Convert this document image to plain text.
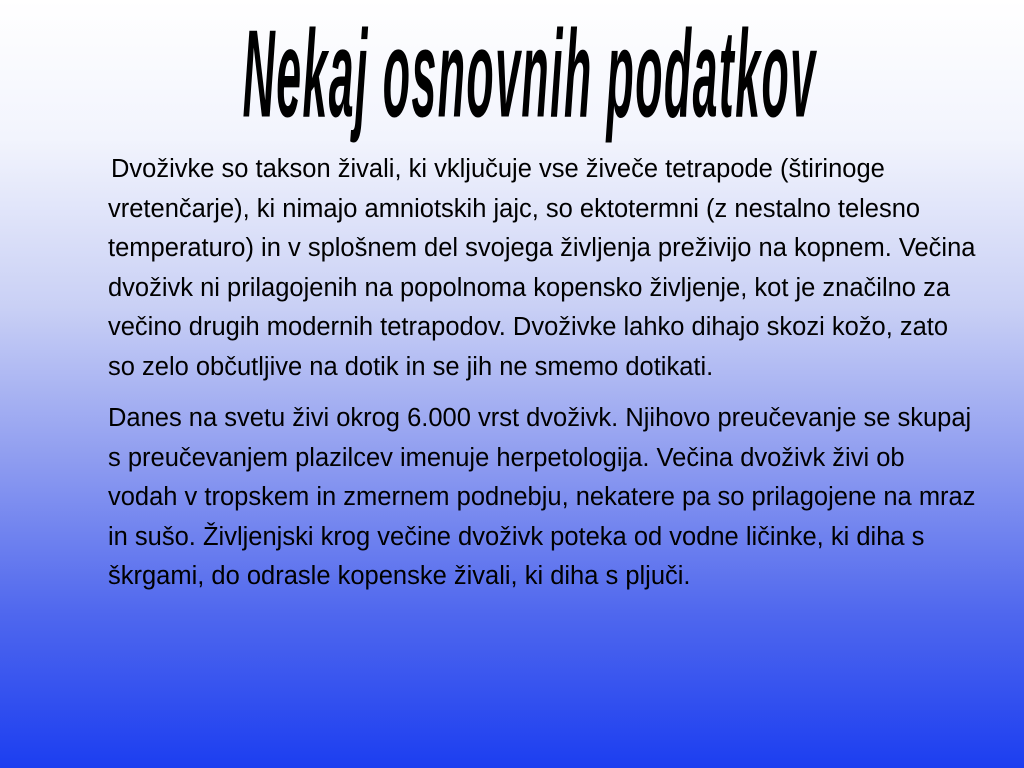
Nekaj osnovnih podatkov

Dvoživke so takson živali, ki vključuje vse živeče tetrapode (štirinoge vretenčarje), ki nimajo amniotskih jajc, so ektotermni (z nestalno telesno temperaturo) in v splošnem del svojega življenja preživijo na kopnem. Večina dvoživk ni prilagojenih na popolnoma kopensko življenje, kot je značilno za večino drugih modernih tetrapodov. Dvoživke lahko dihajo skozi kožo, zato so zelo občutljive na dotik in se jih ne smemo dotikati.

Danes na svetu živi okrog 6.000 vrst dvoživk. Njihovo preučevanje se skupaj s preučevanjem plazilcev imenuje herpetologija. Večina dvoživk živi ob vodah v tropskem in zmernem podnebju, nekatere pa so prilagojene na mraz in sušo. Življenjski krog večine dvoživk poteka od vodne ličinke, ki diha s škrgami, do odrasle kopenske živali, ki diha s pljuči.
